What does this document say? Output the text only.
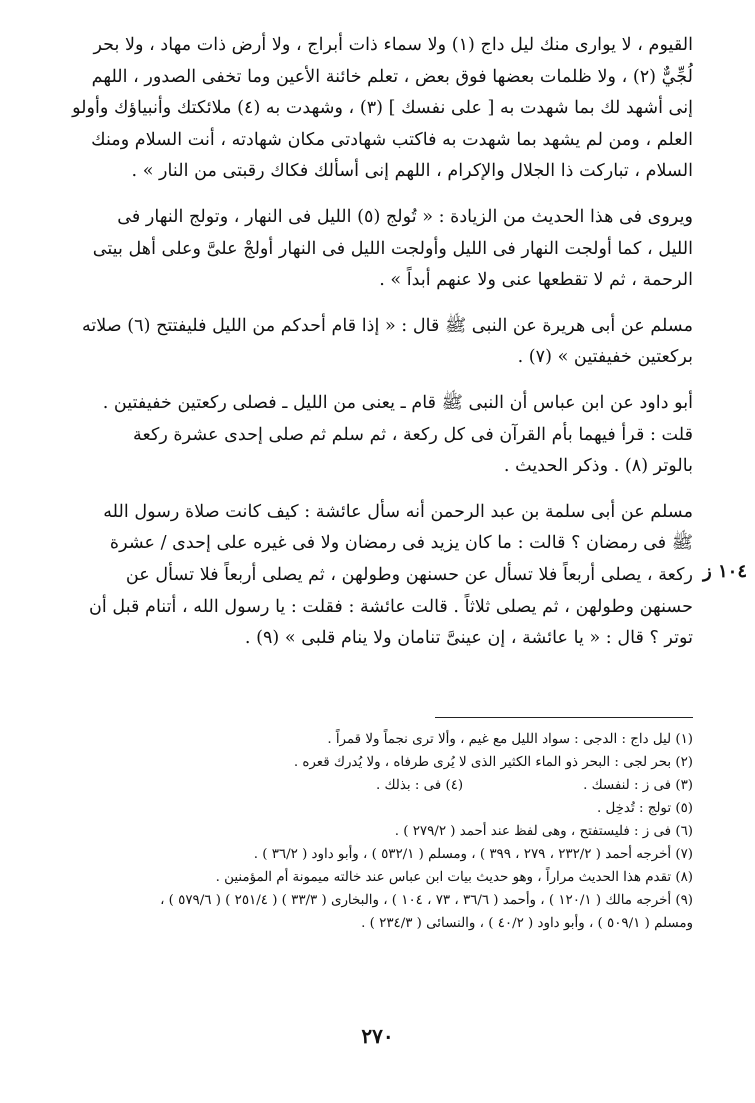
١٠٤ ز

القيوم ، لا يوارى منك ليل داج (١) ولا سماء ذات أبراج ، ولا أرض ذات مهاد ، ولا بحر
لُجِّيٌّ (٢) ، ولا ظلمات بعضها فوق بعض ، تعلم خائنة الأعين وما تخفى الصدور ، اللهم
إنى أشهد لك بما شهدت به [ على نفسك ] (٣) ، وشهدت به (٤) ملائكتك وأنبياؤك وأولو
العلم ، ومن لم يشهد بما شهدت به فاكتب شهادتى مكان شهادته ، أنت السلام ومنك
السلام ، تباركت ذا الجلال والإكرام ، اللهم إنى أسألك فكاك رقبتى من النار » .

ويروى فى هذا الحديث من الزيادة : « تُولج (٥) الليل فى النهار ، وتولج النهار فى
الليل ، كما أولجت النهار فى الليل وأولجت الليل فى النهار أولجْ علىَّ وعلى أهل بيتى
الرحمة ، ثم لا تقطعها عنى ولا عنهم أبداً » .

مسلم عن أبى هريرة عن النبى ﷺ قال : « إذا قام أحدكم من الليل فليفتتح (٦) صلاته
بركعتين خفيفتين » (٧) .

أبو داود عن ابن عباس أن النبى ﷺ قام ـ يعنى من الليل ـ فصلى ركعتين خفيفتين .
قلت : قرأ فيهما بأم القرآن فى كل ركعة ، ثم سلم ثم صلى إحدى عشرة ركعة
بالوتر (٨) . وذكر الحديث .

مسلم عن أبى سلمة بن عبد الرحمن أنه سأل عائشة : كيف كانت صلاة رسول الله
ﷺ فى رمضان ؟ قالت : ما كان يزيد فى رمضان ولا فى غيره على إحدى / عشرة
ركعة ، يصلى أربعاً فلا تسأل عن حسنهن وطولهن ، ثم يصلى أربعاً فلا تسأل عن
حسنهن وطولهن ، ثم يصلى ثلاثاً . قالت عائشة : فقلت : يا رسول الله ، أتنام قبل أن
توتر ؟ قال : « يا عائشة ، إن عينىَّ تنامان ولا ينام قلبى » (٩) .

(١) ليل داج : الدجى : سواد الليل مع غيم ، وألا ترى نجماً ولا قمراً .
(٢) بحر لجى : البحر ذو الماء الكثير الذى لا يُرى طرفاه ، ولا يُدرك قعره .
(٣) فى ز : لنفسك .
(٤) فى : بذلك .
(٥) تولج : تُدخِل .
(٦) فى ز : فليستفتح ، وهى لفظ عند أحمد ( ٢٧٩/٢ ) .
(٧) أخرجه أحمد ( ٢٣٢/٢ ، ٢٧٩ ، ٣٩٩ ) ، ومسلم ( ٥٣٢/١ ) ، وأبو داود ( ٣٦/٢ ) .
(٨) تقدم هذا الحديث مراراً ، وهو حديث بيات ابن عباس عند خالته ميمونة أم المؤمنين .
(٩) أخرجه مالك ( ١٢٠/١ ) ، وأحمد ( ٣٦/٦ ، ٧٣ ، ١٠٤ ) ، والبخارى ( ٣٣/٣ ) ( ٢٥١/٤ ) ( ٥٧٩/٦ ) ،
ومسلم ( ٥٠٩/١ ) ، وأبو داود ( ٤٠/٢ ) ، والنسائى ( ٢٣٤/٣ ) .
٢٧٠
